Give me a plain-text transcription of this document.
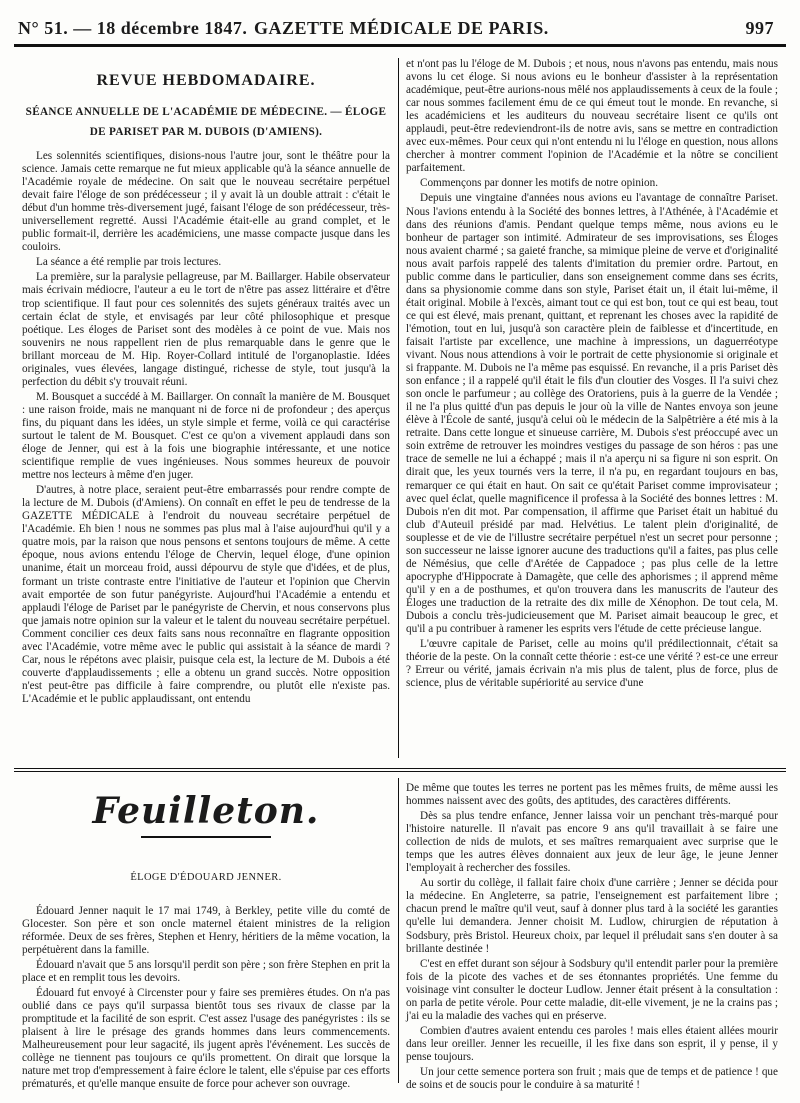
N° 51. — 18 décembre 1847. GAZETTE MÉDICALE DE PARIS.	997
REVUE HEBDOMADAIRE.
SÉANCE ANNUELLE DE L'ACADÉMIE DE MÉDECINE. — ÉLOGE
DE PARISET PAR M. DUBOIS (D'AMIENS).

Les solennités scientifiques, disions-nous l'autre jour, sont le théâtre pour la science. Jamais cette remarque ne fut mieux applicable qu'à la séance annuelle de l'Académie royale de médecine. On sait que le nouveau secrétaire perpétuel devait faire l'éloge de son prédécesseur ; il y avait là un double attrait : c'était le début d'un homme très-diversement jugé, faisant l'éloge de son prédécesseur, très-universellement regretté. Aussi l'Académie était-elle au grand complet, et le public formait-il, derrière les académiciens, une masse compacte jusque dans les couloirs.

La séance a été remplie par trois lectures.

La première, sur la paralysie pellagreuse, par M. Baillarger. Habile observateur mais écrivain médiocre, l'auteur a eu le tort de n'être pas assez littéraire et d'être trop scientifique. Il faut pour ces solennités des sujets généraux traités avec un certain éclat de style, et envisagés par leur côté philosophique et presque poétique. Les éloges de Pariset sont des modèles à ce point de vue. Mais nos souvenirs ne nous rappellent rien de plus remarquable dans le genre que le brillant morceau de M. Hip. Royer-Collard intitulé de l'organoplastie. Idées originales, vues élevées, langage distingué, richesse de style, tout jusqu'à la perfection du débit s'y trouvait réuni.

M. Bousquet a succédé à M. Baillarger. On connaît la manière de M. Bousquet : une raison froide, mais ne manquant ni de force ni de profondeur ; des aperçus fins, du piquant dans les idées, un style simple et ferme, voilà ce qui caractérise surtout le talent de M. Bousquet. C'est ce qu'on a vivement applaudi dans son éloge de Jenner, qui est à la fois une biographie intéressante, et une notice scientifique remplie de vues ingénieuses. Nous sommes heureux de pouvoir mettre nos lecteurs à même d'en juger.

D'autres, à notre place, seraient peut-être embarrassés pour rendre compte de la lecture de M. Dubois (d'Amiens). On connaît en effet le peu de tendresse de la GAZETTE MÉDICALE à l'endroit du nouveau secrétaire perpétuel de l'Académie. Eh bien ! nous ne sommes pas plus mal à l'aise aujourd'hui qu'il y a quatre mois, par la raison que nous pensons et sentons toujours de même. A cette époque, nous avions entendu l'éloge de Chervin, lequel éloge, d'une opinion unanime, était un morceau froid, aussi dépourvu de style que d'idées, et de plus, formant un triste contraste entre l'initiative de l'auteur et l'opinion que Chervin avait emportée de son futur panégyriste. Aujourd'hui l'Académie a entendu et applaudi l'éloge de Pariset par le panégyriste de Chervin, et nous conservons plus que jamais notre opinion sur la valeur et le talent du nouveau secrétaire perpétuel. Comment concilier ces deux faits sans nous reconnaître en flagrante opposition avec l'Académie, votre même avec le public qui assistait à la séance de mardi ? Car, nous le répétons avec plaisir, puisque cela est, la lecture de M. Dubois a été couverte d'applaudissements ; elle a obtenu un grand succès. Notre opposition n'est peut-être pas difficile à faire comprendre, ou plutôt elle n'existe pas. L'Académie et le public applaudissant, ont entendu

et n'ont pas lu l'éloge de M. Dubois ; et nous, nous n'avons pas entendu, mais nous avons lu cet éloge. Si nous avions eu le bonheur d'assister à la représentation académique, peut-être aurions-nous mêlé nos applaudissements à ceux de la foule ; car nous sommes facilement ému de ce qui émeut tout le monde. En revanche, si les académiciens et les auditeurs du nouveau secrétaire lisent ce qu'ils ont applaudi, peut-être redeviendront-ils de notre avis, sans se mettre en contradiction avec eux-mêmes. Pour ceux qui n'ont entendu ni lu l'éloge en question, nous allons chercher à montrer comment l'opinion de l'Académie et la nôtre se concilient parfaitement.

Commençons par donner les motifs de notre opinion.

Depuis une vingtaine d'années nous avions eu l'avantage de connaître Pariset. Nous l'avions entendu à la Société des bonnes lettres, à l'Athénée, à l'Académie et dans des réunions d'amis. Pendant quelque temps même, nous avions eu le bonheur de partager son intimité. Admirateur de ses improvisations, ses Éloges nous avaient charmé ; sa gaieté franche, sa mimique pleine de verve et d'originalité nous avait parfois rappelé des talents d'imitation du premier ordre. Partout, en public comme dans le particulier, dans son enseignement comme dans ses écrits, dans sa physionomie comme dans son style, Pariset était un, il était lui-même, il était original. Mobile à l'excès, aimant tout ce qui est bon, tout ce qui est beau, tout ce qui est élevé, mais prenant, quittant, et reprenant les choses avec la rapidité de l'émotion, tout en lui, jusqu'à son caractère plein de faiblesse et d'incertitude, en faisait l'artiste par excellence, une machine à impressions, un daguerréotype vivant. Nous nous attendions à voir le portrait de cette physionomie si originale et si frappante. M. Dubois ne l'a même pas esquissé. En revanche, il a pris Pariset dès son enfance ; il a rappelé qu'il était le fils d'un cloutier des Vosges. Il l'a suivi chez son oncle le parfumeur ; au collège des Oratoriens, puis à la guerre de la Vendée ; il ne l'a plus quitté d'un pas depuis le jour où la ville de Nantes envoya son jeune élève à l'École de santé, jusqu'à celui où le médecin de la Salpêtrière a été mis à la retraite. Dans cette longue et sinueuse carrière, M. Dubois s'est préoccupé avec un soin extrême de retrouver les moindres vestiges du passage de son héros : pas une trace de semelle ne lui a échappé ; mais il n'a aperçu ni sa figure ni son esprit. On dirait que, les yeux tournés vers la terre, il n'a pu, en regardant toujours en bas, remarquer ce qui était en haut. On sait ce qu'était Pariset comme improvisateur ; avec quel éclat, quelle magnificence il professa à la Société des bonnes lettres : M. Dubois n'en dit mot. Par compensation, il affirme que Pariset était un habitué du club d'Auteuil présidé par mad. Helvétius. Le talent plein d'originalité, de souplesse et de vie de l'illustre secrétaire perpétuel n'est un secret pour personne ; son successeur ne laisse ignorer aucune des traductions qu'il a faites, pas plus celle de Némésius, que celle d'Arétée de Cappadoce ; pas plus celle de la lettre apocryphe d'Hippocrate à Damagète, que celle des aphorismes ; il apprend même qu'il y en a de posthumes, et qu'on trouvera dans les manuscrits de l'auteur des Éloges une traduction de la retraite des dix mille de Xénophon. De tout cela, M. Dubois a conclu très-judicieusement que M. Pariset aimait beaucoup le grec, et qu'il a pu contribuer à ramener les esprits vers l'étude de cette précieuse langue.

L'œuvre capitale de Pariset, celle au moins qu'il prédilectionnait, c'était sa théorie de la peste. On la connaît cette théorie : est-ce une vérité ? est-ce une erreur ? Erreur ou vérité, jamais écrivain n'a mis plus de talent, plus de force, plus de science, plus de véritable supériorité au service d'une

Feuilleton.
ÉLOGE D'ÉDOUARD JENNER.

Édouard Jenner naquit le 17 mai 1749, à Berkley, petite ville du comté de Glocester. Son père et son oncle maternel étaient ministres de la religion réformée. Deux de ses frères, Stephen et Henry, héritiers de la même vocation, la perpétuèrent dans la famille.

Édouard n'avait que 5 ans lorsqu'il perdit son père ; son frère Stephen en prit la place et en remplit tous les devoirs.

Édouard fut envoyé à Circenster pour y faire ses premières études. On n'a pas oublié dans ce pays qu'il surpassa bientôt tous ses rivaux de classe par la promptitude et la facilité de son esprit. C'est assez l'usage des panégyristes : ils se plaisent à lire le présage des grands hommes dans leurs commencements. Malheureusement pour leur sagacité, ils jugent après l'événement. Les succès de collège ne tiennent pas toujours ce qu'ils promettent. On dirait que lorsque la nature met trop d'empressement à faire éclore le talent, elle s'épuise par ces efforts prématurés, et qu'elle manque ensuite de force pour achever son ouvrage.

De même que toutes les terres ne portent pas les mêmes fruits, de même aussi les hommes naissent avec des goûts, des aptitudes, des caractères différents.

Dès sa plus tendre enfance, Jenner laissa voir un penchant très-marqué pour l'histoire naturelle. Il n'avait pas encore 9 ans qu'il travaillait à se faire une collection de nids de mulots, et ses maîtres remarquaient avec surprise que le temps que les autres élèves donnaient aux jeux de leur âge, le jeune Jenner l'employait à rechercher des fossiles.

Au sortir du collège, il fallait faire choix d'une carrière ; Jenner se décida pour la médecine. En Angleterre, sa patrie, l'enseignement est parfaitement libre ; chacun prend le maître qu'il veut, sauf à donner plus tard à la société les garanties qu'elle lui demandera. Jenner choisit M. Ludlow, chirurgien de réputation à Sodsbury, près Bristol. Heureux choix, par lequel il préludait sans s'en douter à sa brillante destinée !

C'est en effet durant son séjour à Sodsbury qu'il entendit parler pour la première fois de la picote des vaches et de ses étonnantes propriétés. Une femme du voisinage vint consulter le docteur Ludlow. Jenner était présent à la consultation : on parla de petite vérole. Pour cette maladie, dit-elle vivement, je ne la crains pas ; j'ai eu la maladie des vaches qui en préserve.

Combien d'autres avaient entendu ces paroles ! mais elles étaient allées mourir dans leur oreiller. Jenner les recueille, il les fixe dans son esprit, il y pense, il y pense toujours.

Un jour cette semence portera son fruit ; mais que de temps et de patience ! que de soins et de soucis pour le conduire à sa maturité !
